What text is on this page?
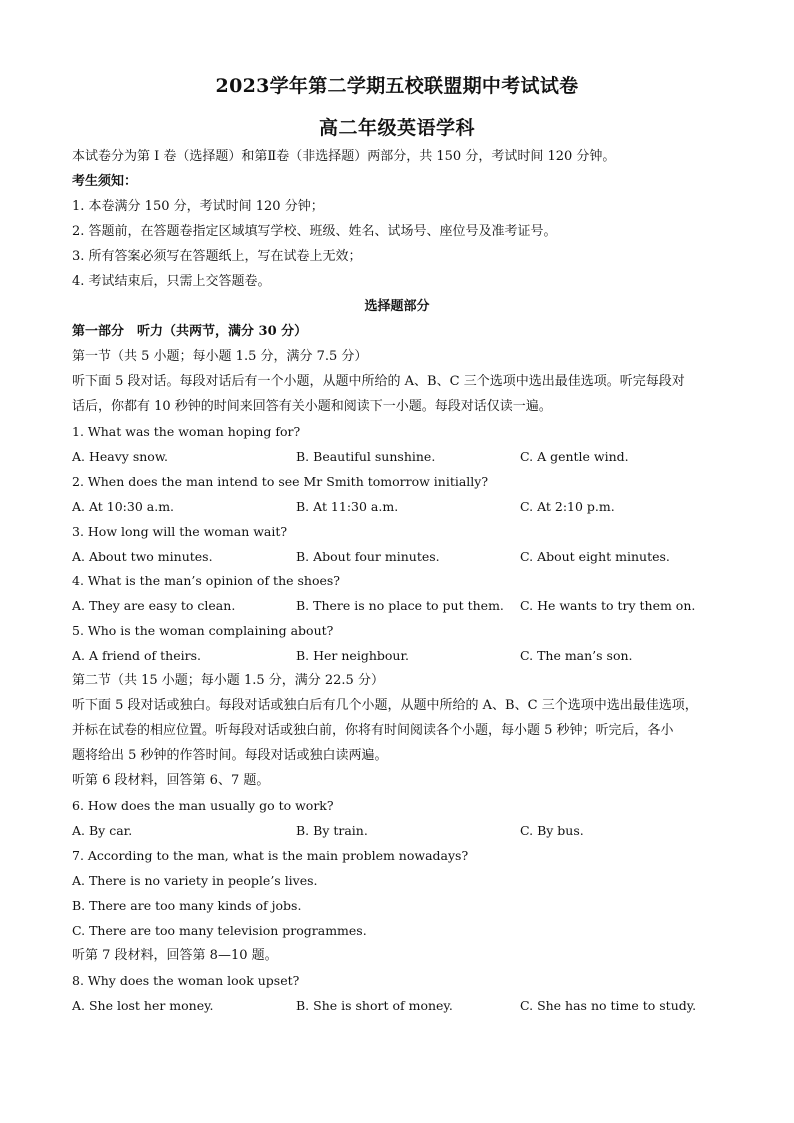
2023学年第二学期五校联盟期中考试试卷
高二年级英语学科
本试卷分为第 I 卷（选择题）和第Ⅱ卷（非选择题）两部分，共 150 分，考试时间 120 分钟。
考生须知：
1. 本卷满分 150 分，考试时间 120 分钟；
2. 答题前，在答题卷指定区域填写学校、班级、姓名、试场号、座位号及准考证号。
3. 所有答案必须写在答题纸上，写在试卷上无效；
4. 考试结束后，只需上交答题卷。
选择题部分
第一部分　听力（共两节，满分 30 分）
第一节（共 5 小题；每小题 1.5 分，满分 7.5 分）
听下面 5 段对话。每段对话后有一个小题，从题中所给的 A、B、C 三个选项中选出最佳选项。听完每段对
话后，你都有 10 秒钟的时间来回答有关小题和阅读下一小题。每段对话仅读一遍。
1. What was the woman hoping for?
A. Heavy snow.	B. Beautiful sunshine.	C. A gentle wind.
2. When does the man intend to see Mr Smith tomorrow initially?
A. At 10:30 a.m.	B. At 11:30 a.m.	C. At 2:10 p.m.
3. How long will the woman wait?
A. About two minutes.	B. About four minutes.	C. About eight minutes.
4. What is the man’s opinion of the shoes?
A. They are easy to clean.	B. There is no place to put them. C. He wants to try them on.
5. Who is the woman complaining about?
A. A friend of theirs.	B. Her neighbour.	C. The man’s son.
第二节（共 15 小题；每小题 1.5 分，满分 22.5 分）
听下面 5 段对话或独白。每段对话或独白后有几个小题，从题中所给的 A、B、C 三个选项中选出最佳选项，
并标在试卷的相应位置。听每段对话或独白前，你将有时间阅读各个小题，每小题 5 秒钟；听完后，各小
题将给出 5 秒钟的作答时间。每段对话或独白读两遍。
听第 6 段材料，回答第 6、7 题。
6. How does the man usually go to work?
A. By car.	B. By train.	C. By bus.
7. According to the man, what is the main problem nowadays?
A. There is no variety in people’s lives.
B. There are too many kinds of jobs.
C. There are too many television programmes.
听第 7 段材料，回答第 8—10 题。
8. Why does the woman look upset?
A. She lost her money.	B. She is short of money.	C. She has no time to study.
